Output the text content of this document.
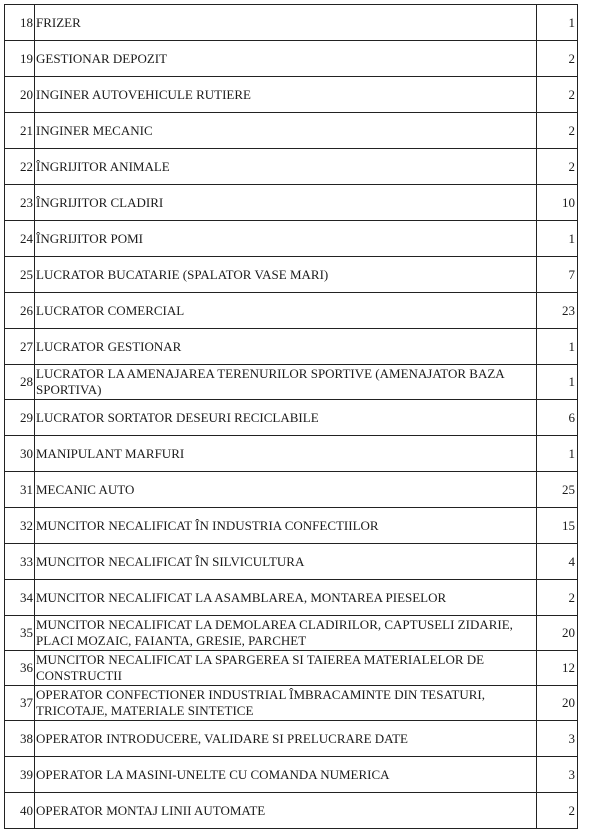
18	FRIZER	1
19	GESTIONAR DEPOZIT	2
20	INGINER AUTOVEHICULE RUTIERE	2
21	INGINER MECANIC	2
22	ÎNGRIJITOR ANIMALE	2
23	ÎNGRIJITOR CLADIRI	10
24	ÎNGRIJITOR POMI	1
25	LUCRATOR BUCATARIE (SPALATOR VASE MARI)	7
26	LUCRATOR COMERCIAL	23
27	LUCRATOR GESTIONAR	1
28	LUCRATOR LA AMENAJAREA TERENURILOR SPORTIVE (AMENAJATOR BAZA SPORTIVA)	1
29	LUCRATOR SORTATOR DESEURI RECICLABILE	6
30	MANIPULANT MARFURI	1
31	MECANIC AUTO	25
32	MUNCITOR NECALIFICAT ÎN INDUSTRIA CONFECTIILOR	15
33	MUNCITOR NECALIFICAT ÎN SILVICULTURA	4
34	MUNCITOR NECALIFICAT LA ASAMBLAREA, MONTAREA PIESELOR	2
35	MUNCITOR NECALIFICAT LA DEMOLAREA CLADIRILOR, CAPTUSELI ZIDARIE, PLACI MOZAIC, FAIANTA, GRESIE, PARCHET	20
36	MUNCITOR NECALIFICAT LA SPARGEREA SI TAIEREA MATERIALELOR DE CONSTRUCTII	12
37	OPERATOR CONFECTIONER INDUSTRIAL ÎMBRACAMINTE DIN TESATURI, TRICOTAJE, MATERIALE SINTETICE	20
38	OPERATOR INTRODUCERE, VALIDARE SI PRELUCRARE DATE	3
39	OPERATOR LA MASINI-UNELTE CU COMANDA NUMERICA	3
40	OPERATOR MONTAJ LINII AUTOMATE	2
